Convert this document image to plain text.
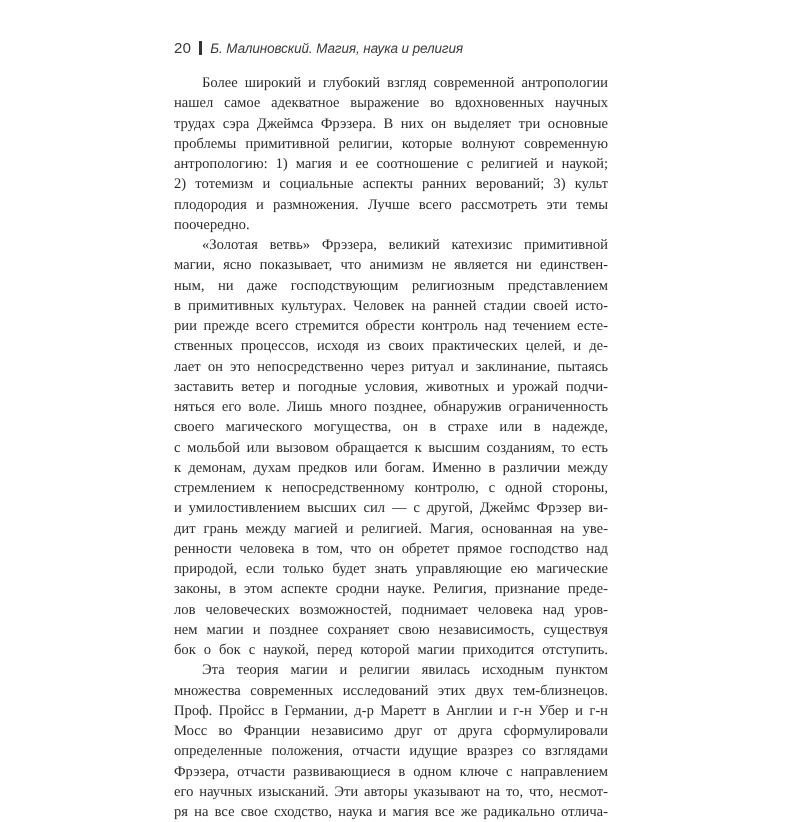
20 Б. Малиновский. Магия, наука и религия
Более широкий и глубокий взгляд современной антропологии
нашел самое адекватное выражение во вдохновенных научных
трудах сэра Джеймса Фрэзера. В них он выделяет три основные
проблемы примитивной религии, которые волнуют современную
антропологию: 1) магия и ее соотношение с религией и наукой;
2) тотемизм и социальные аспекты ранних верований; 3) культ
плодородия и размножения. Лучше всего рассмотреть эти темы
поочередно.
«Золотая ветвь» Фрэзера, великий катехизис примитивной
магии, ясно показывает, что анимизм не является ни единствен-
ным, ни даже господствующим религиозным представлением
в примитивных культурах. Человек на ранней стадии своей исто-
рии прежде всего стремится обрести контроль над течением есте-
ственных процессов, исходя из своих практических целей, и де-
лает он это непосредственно через ритуал и заклинание, пытаясь
заставить ветер и погодные условия, животных и урожай подчи-
няться его воле. Лишь много позднее, обнаружив ограниченность
своего магического могущества, он в страхе или в надежде,
с мольбой или вызовом обращается к высшим созданиям, то есть
к демонам, духам предков или богам. Именно в различии между
стремлением к непосредственному контролю, с одной стороны,
и умилостивлением высших сил — с другой, Джеймс Фрэзер ви-
дит грань между магией и религией. Магия, основанная на уве-
ренности человека в том, что он обретет прямое господство над
природой, если только будет знать управляющие ею магические
законы, в этом аспекте сродни науке. Религия, признание преде-
лов человеческих возможностей, поднимает человека над уров-
нем магии и позднее сохраняет свою независимость, существуя
бок о бок с наукой, перед которой магии приходится отступить.
Эта теория магии и религии явилась исходным пунктом
множества современных исследований этих двух тем-близнецов.
Проф. Пройсс в Германии, д-р Маретт в Англии и г-н Убер и г-н
Мосс во Франции независимо друг от друга сформулировали
определенные положения, отчасти идущие вразрез со взглядами
Фрэзера, отчасти развивающиеся в одном ключе с направлением
его научных изысканий. Эти авторы указывают на то, что, несмот-
ря на все свое сходство, наука и магия все же радикально отлича-
